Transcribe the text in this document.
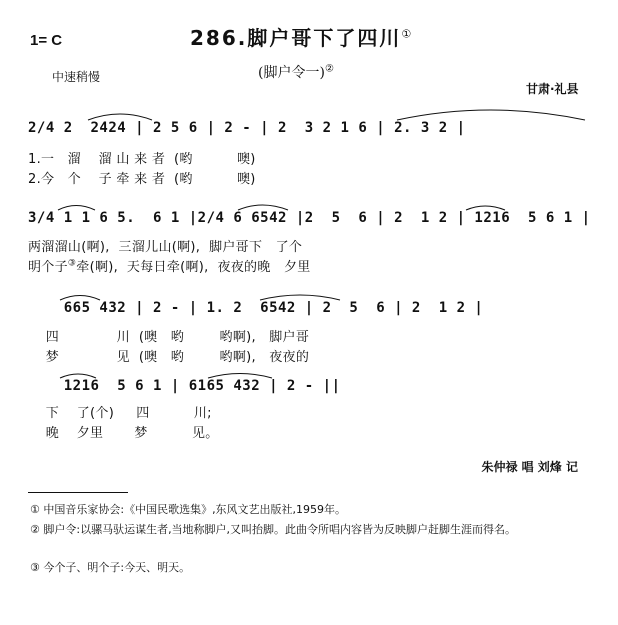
1= C	286.脚户哥下了四川①
中速稍慢	(脚户令一)②
甘肃·礼县
2/4 2  2424 | 2 5 6 | 2 - | 2  3 2 1 6 | 2. 3 2 |
1.一   溜    溜 山 来 者  (哟          噢)
2.今   个    子 牵 来 者  (哟          噢)
3/4 1 1 6 5.  6 1 |2/4 6 6542 |2  5  6 | 2  1 2 | 1216  5 6 1 |
两溜溜山(啊),  三溜儿山(啊),  脚户哥下   了个
明个子③牵(啊),  天每日牵(啊),  夜夜的晚   夕里
665 432 | 2 - | 1. 2  6542 | 2  5  6 | 2  1 2 |
四             川  (噢   哟        哟啊),   脚户哥
梦             见  (噢   哟        哟啊),   夜夜的
1216  5 6 1 | 6165 432 | 2 - ||
下    了(个)     四          川;
晚    夕里       梦          见。
朱仲禄 唱 刘烽 记
① 中国音乐家协会:《中国民歌选集》,东风文艺出版社,1959年。
② 脚户令:以骡马驮运谋生者,当地称脚户,又叫抬脚。此曲令所唱内容皆为反映脚户赶脚生涯而得名。
③ 今个子、明个子:今天、明天。
